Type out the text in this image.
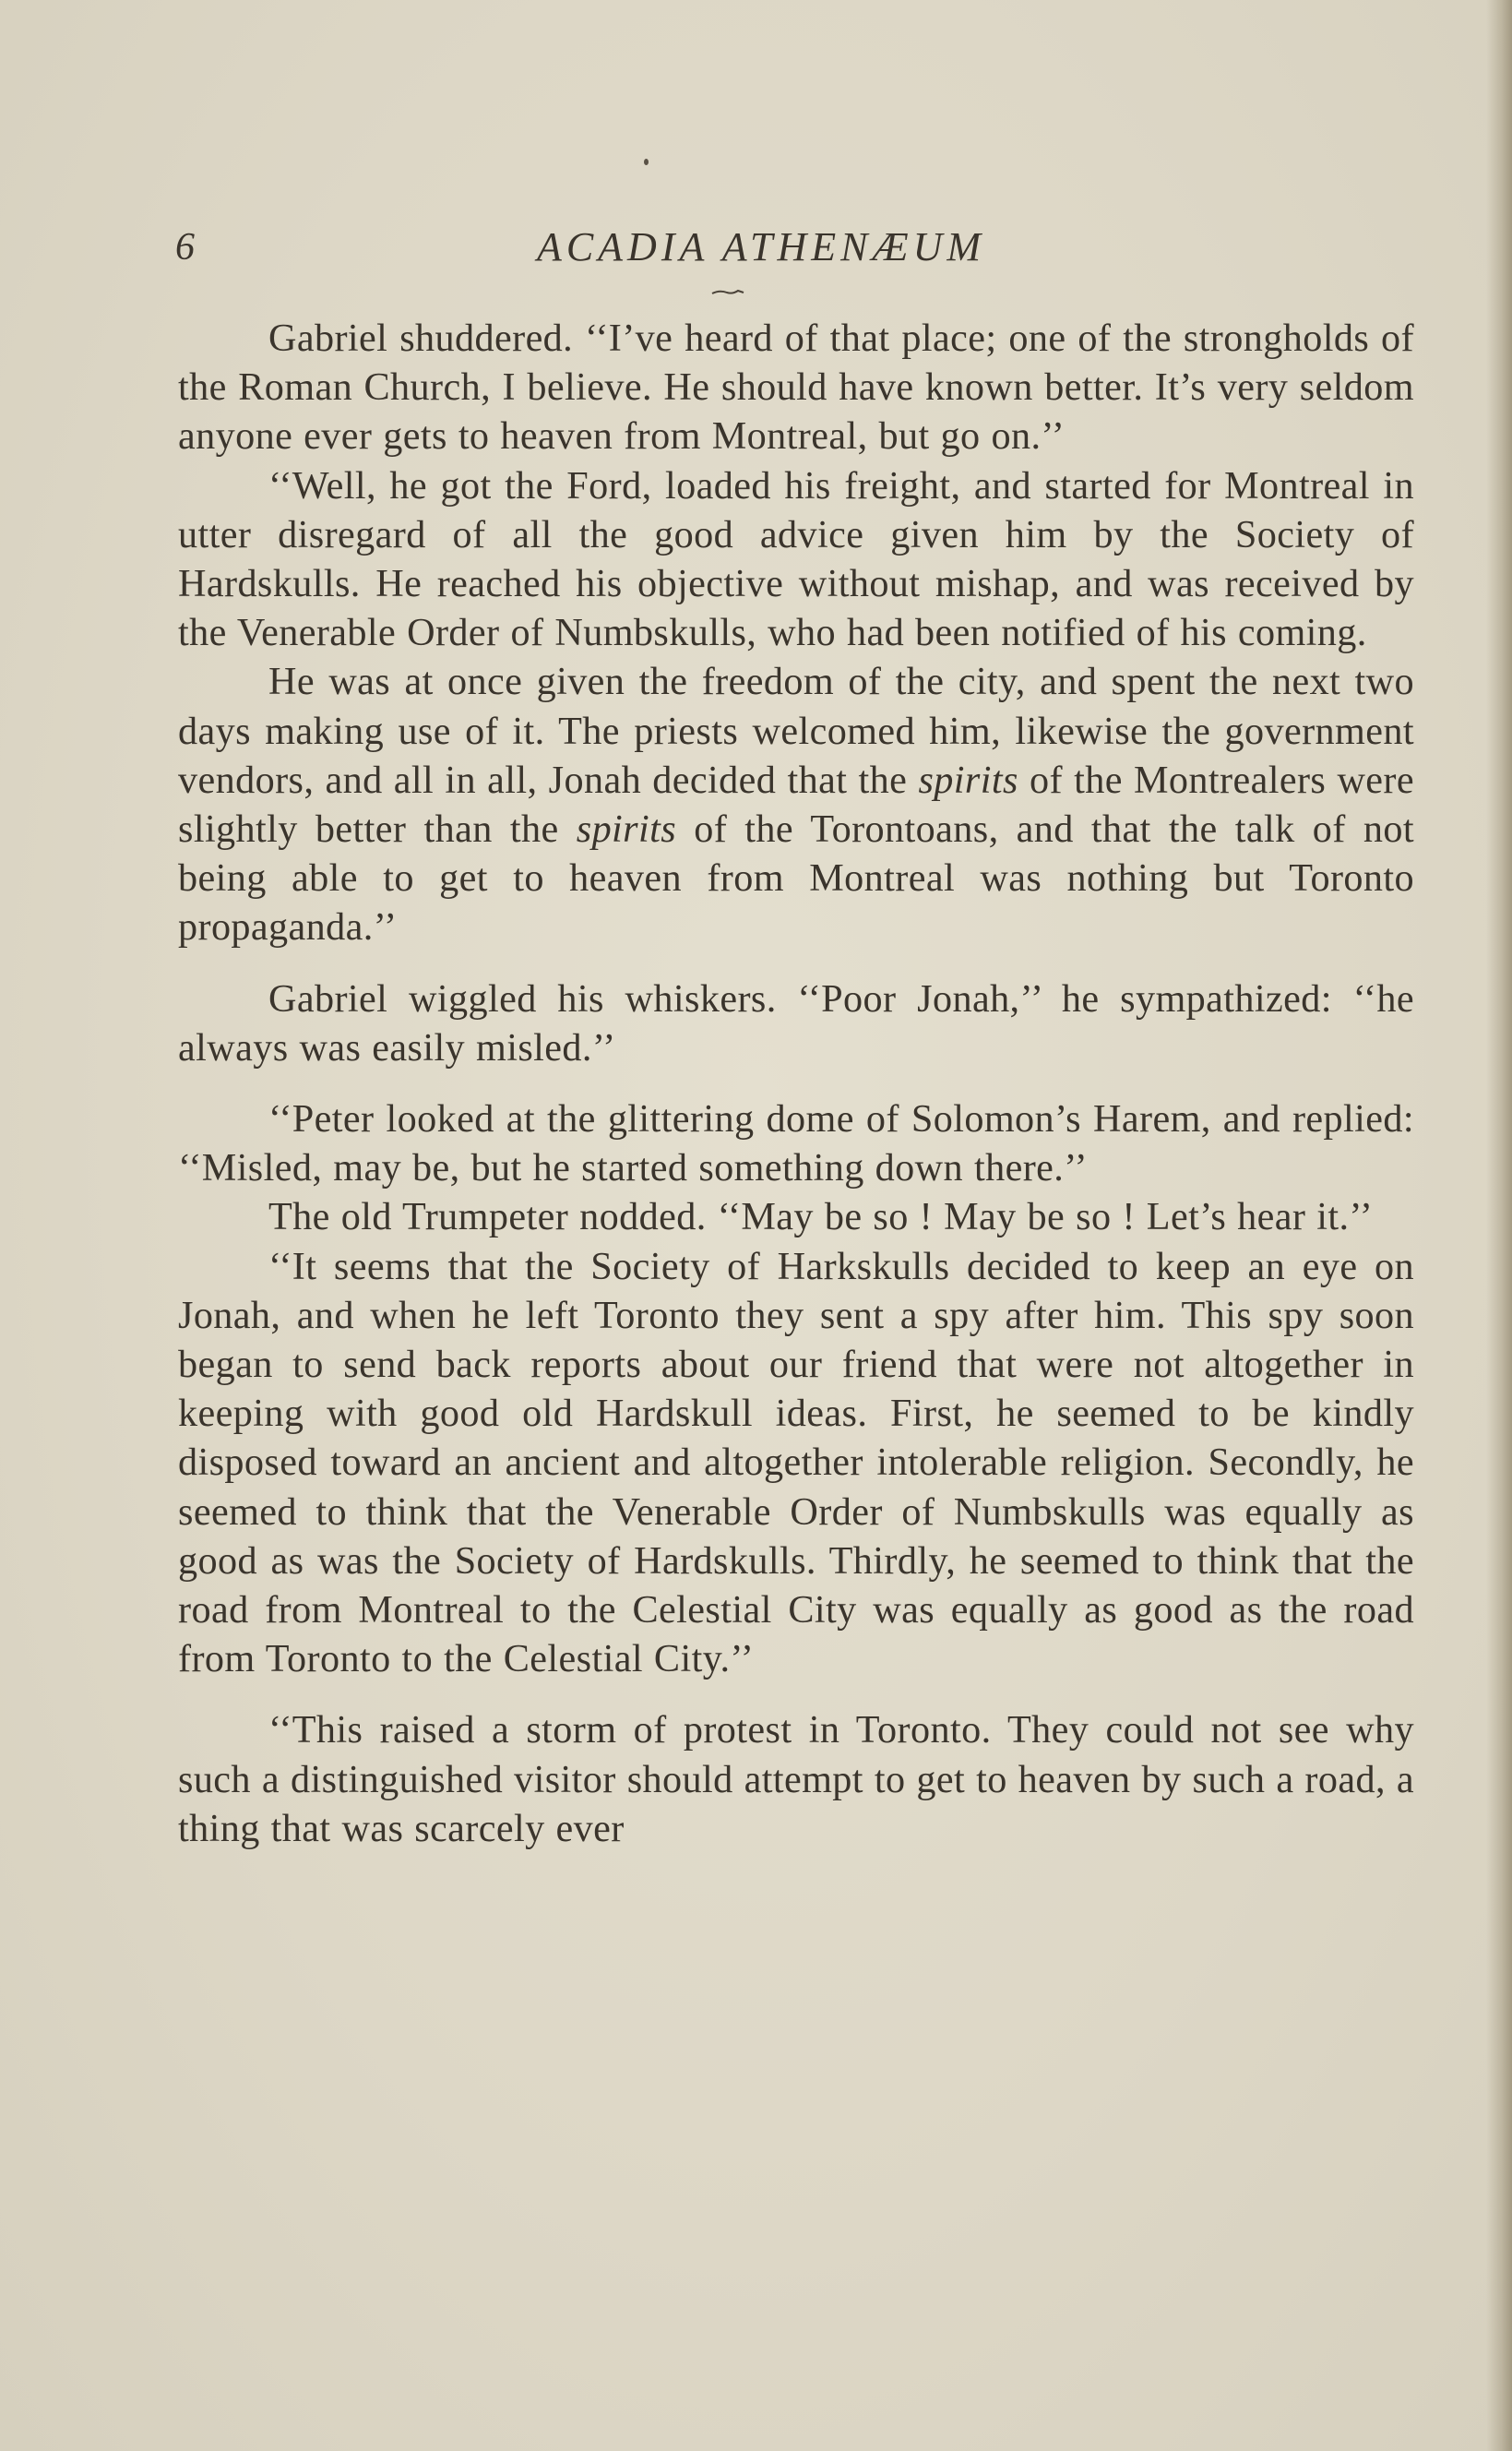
6	ACADIA ATHENÆUM

Gabriel shuddered. ‘‘I’ve heard of that place; one of the strongholds of the Roman Church, I believe. He should have known better. It’s very seldom anyone ever gets to heaven from Montreal, but go on.’’

‘‘Well, he got the Ford, loaded his freight, and started for Montreal in utter disregard of all the good advice given him by the Society of Hardskulls. He reached his objective without mishap, and was received by the Venerable Order of Numbskulls, who had been notified of his coming.

He was at once given the freedom of the city, and spent the next two days making use of it. The priests welcomed him, likewise the government vendors, and all in all, Jonah decided that the spirits of the Montrealers were slightly better than the spirits of the Torontoans, and that the talk of not being able to get to heaven from Montreal was nothing but Toronto propaganda.’’

Gabriel wiggled his whiskers. ‘‘Poor Jonah,’’ he sympathized: ‘‘he always was easily misled.’’

‘‘Peter looked at the glittering dome of Solomon’s Harem, and replied: ‘‘Misled, may be, but he started something down there.’’

The old Trumpeter nodded. ‘‘May be so ! May be so ! Let’s hear it.’’

‘‘It seems that the Society of Harkskulls decided to keep an eye on Jonah, and when he left Toronto they sent a spy after him. This spy soon began to send back reports about our friend that were not altogether in keeping with good old Hardskull ideas. First, he seemed to be kindly disposed toward an ancient and altogether intolerable religion. Secondly, he seemed to think that the Venerable Order of Numbskulls was equally as good as was the Society of Hardskulls. Thirdly, he seemed to think that the road from Montreal to the Celestial City was equally as good as the road from Toronto to the Celestial City.’’

‘‘This raised a storm of protest in Toronto. They could not see why such a distinguished visitor should attempt to get to heaven by such a road, a thing that was scarcely ever
